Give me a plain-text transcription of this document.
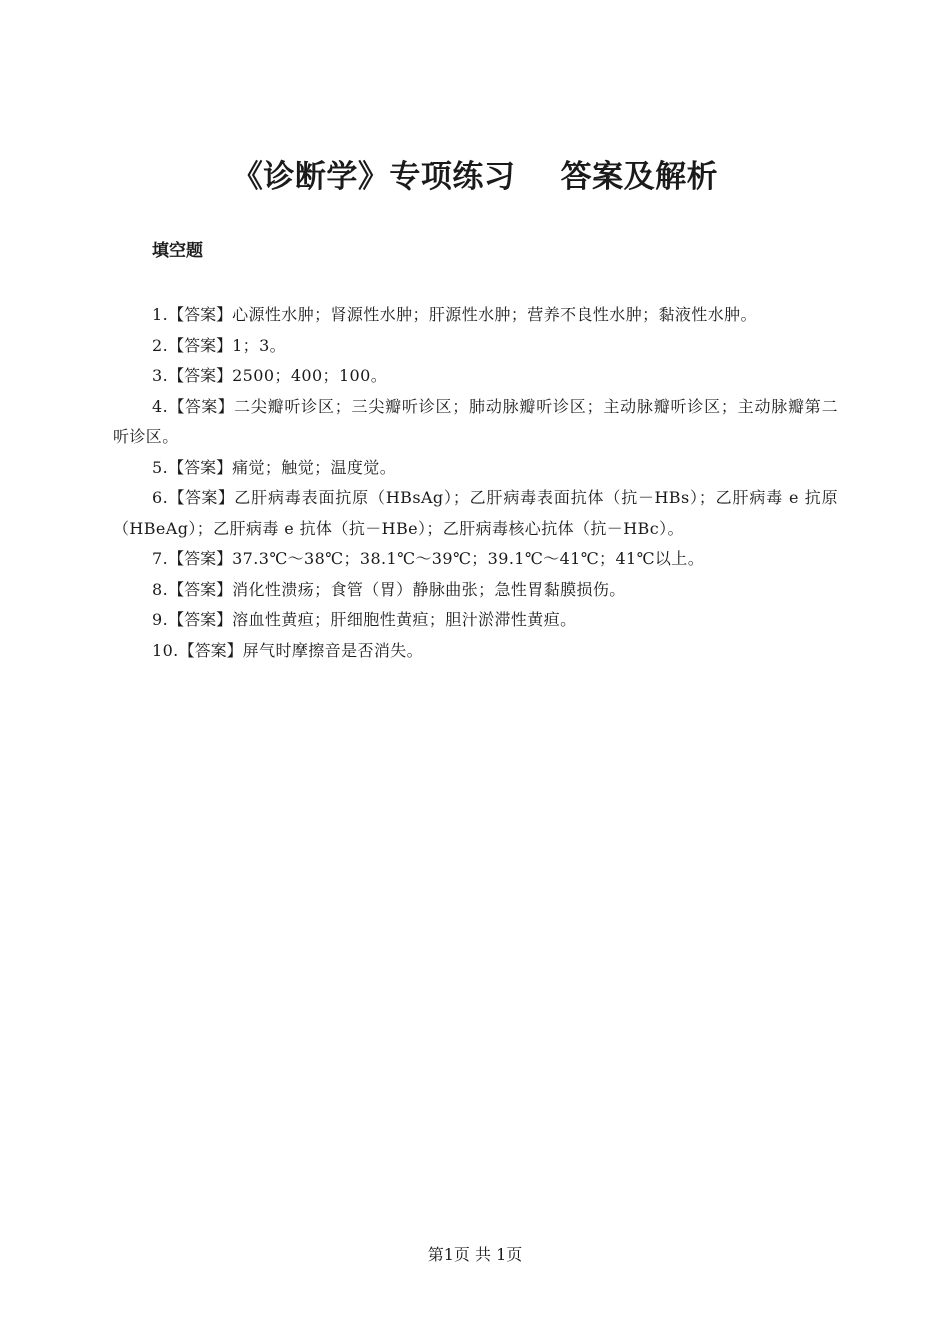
《诊断学》专项练习    答案及解析
填空题
1.【答案】心源性水肿；肾源性水肿；肝源性水肿；营养不良性水肿；黏液性水肿。
2.【答案】1；3。
3.【答案】2500；400；100。
4.【答案】二尖瓣听诊区；三尖瓣听诊区；肺动脉瓣听诊区；主动脉瓣听诊区；主动脉瓣第二听诊区。
5.【答案】痛觉；触觉；温度觉。
6.【答案】乙肝病毒表面抗原（HBsAg）；乙肝病毒表面抗体（抗－HBs）；乙肝病毒 e 抗原（HBeAg）；乙肝病毒 e 抗体（抗－HBe）；乙肝病毒核心抗体（抗－HBc）。
7.【答案】37.3℃～38℃；38.1℃～39℃；39.1℃～41℃；41℃以上。
8.【答案】消化性溃疡；食管（胃）静脉曲张；急性胃黏膜损伤。
9.【答案】溶血性黄疸；肝细胞性黄疸；胆汁淤滞性黄疸。
10.【答案】屏气时摩擦音是否消失。
第1页 共 1页
